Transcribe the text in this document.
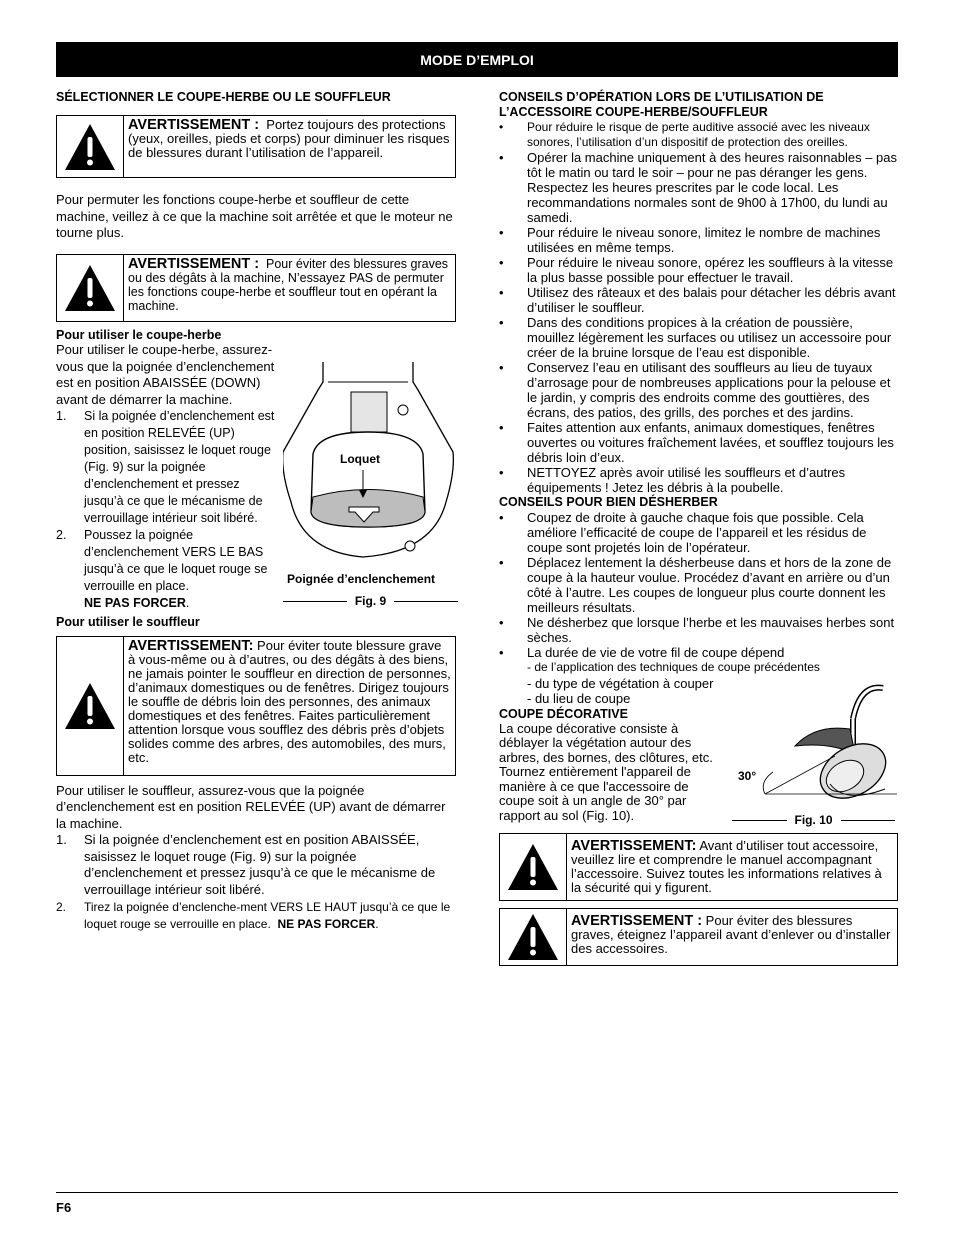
MODE D’EMPLOI

SÉLECTIONNER LE COUPE-HERBE OU LE SOUFFLEUR

AVERTISSEMENT : Portez toujours des protections (yeux, oreilles, pieds et corps) pour diminuer les risques de blessures durant l’utilisation de l’appareil.

Pour permuter les fonctions coupe-herbe et souffleur de cette machine, veillez à ce que la machine soit arrêtée et que le moteur ne tourne plus.

AVERTISSEMENT : Pour éviter des blessures graves ou des dégâts à la machine, N’essayez PAS de permuter les fonctions coupe-herbe et souffleur tout en opérant la machine.

Pour utiliser le coupe-herbe

Pour utiliser le souffleur

AVERTISSEMENT: Pour éviter toute blessure grave à vous-même ou à d’autres, ou des dégâts à des biens, ne jamais pointer le souffleur en direction de personnes, d’animaux domestiques ou de fenêtres. Dirigez toujours le souffle de débris loin des personnes, des animaux domestiques et des fenêtres. Faites particulièrement attention lorsque vous soufflez des débris près d’objets solides comme des arbres, des automobiles, des murs, etc.

Pour utiliser le souffleur, assurez-vous que la poignée d’enclenchement est en position RELEVÉE (UP) avant de démarrer la machine.

1.	Si la poignée d’enclenchement est en position ABAISSÉE, saisissez le loquet rouge (Fig. 9) sur la poignée d’enclenchement et pressez jusqu’à ce que le mécanisme de verrouillage intérieur soit libéré.
2.	Tirez la poignée d’enclenche-ment VERS LE HAUT jusqu’à ce que le loquet rouge se verrouille en place. NE PAS FORCER.
1.	Si la poignée d’enclenchement est en position RELEVÉE (UP) position, saisissez le loquet rouge (Fig. 9) sur la poignée d’enclenchement et pressez jusqu’à ce que le mécanisme de verrouillage intérieur soit libéré.
2.	Poussez la poignée d’enclenchement VERS LE BAS jusqu’à ce que le loquet rouge se verrouille en place.
NE PAS FORCER.
Loquet
Poignée d’enclenchement
Fig. 9

Pour utiliser le coupe-herbe, assurez-vous que la poignée d’enclenchement est en position ABAISSÉE (DOWN) avant de démarrer la machine.

CONSEILS D’OPÉRATION LORS DE L’UTILISATION DE L’ACCESSOIRE COUPE-HERBE/SOUFFLEUR

•	Pour réduire le risque de perte auditive associé avec les niveaux sonores, l’utilisation d’un dispositif de protection des oreilles.
•	Opérer la machine uniquement à des heures raisonnables – pas tôt le matin ou tard le soir – pour ne pas déranger les gens. Respectez les heures prescrites par le code local. Les recommandations normales sont de 9h00 à 17h00, du lundi au samedi.
•	Pour réduire le niveau sonore, limitez le nombre de machines utilisées en même temps.
•	Pour réduire le niveau sonore, opérez les souffleurs à la vitesse la plus basse possible pour effectuer le travail.
•	Utilisez des râteaux et des balais pour détacher les débris avant d’utiliser le souffleur.
•	Dans des conditions propices à la création de poussière, mouillez légèrement les surfaces ou utilisez un accessoire pour créer de la bruine lorsque de l’eau est disponible.
•	Conservez l’eau en utilisant des souffleurs au lieu de tuyaux d’arrosage pour de nombreuses applications pour la pelouse et le jardin, y compris des endroits comme des gouttières, des écrans, des patios, des grills, des porches et des jardins.
•	Faites attention aux enfants, animaux domestiques, fenêtres ouvertes ou voitures fraîchement lavées, et soufflez toujours les débris loin d’eux.
•	NETTOYEZ après avoir utilisé les souffleurs et d’autres équipements ! Jetez les débris à la poubelle.

CONSEILS POUR BIEN DÉSHERBER

•	Coupez de droite à gauche chaque fois que possible. Cela améliore l’efficacité de coupe de l’appareil et les résidus de coupe sont projetés loin de l’opérateur.
•	Déplacez lentement la désherbeuse dans et hors de la zone de coupe à la hauteur voulue. Procédez d’avant en arrière ou d’un côté à l’autre. Les coupes de longueur plus courte donnent les meilleurs résultats.
•	Ne désherbez que lorsque l’herbe et les mauvaises herbes sont sèches.
•	La durée de vie de votre fil de coupe dépend
- de l’application des techniques de coupe précédentes
- du type de végétation à couper
- du lieu de coupe

COUPE DÉCORATIVE

La coupe décorative consiste à déblayer la végétation autour des arbres, des bornes, des clôtures, etc. Tournez entièrement l'appareil de manière à ce que l'accessoire de coupe soit à un angle de 30° par rapport au sol (Fig. 10).

30°
Fig. 10
AVERTISSEMENT: Avant d’utiliser tout accessoire, veuillez lire et comprendre le manuel accompagnant l’accessoire. Suivez toutes les informations relatives à la sécurité qui y figurent.
AVERTISSEMENT : Pour éviter des blessures graves, éteignez l’appareil avant d’enlever ou d’installer des accessoires.
F6
